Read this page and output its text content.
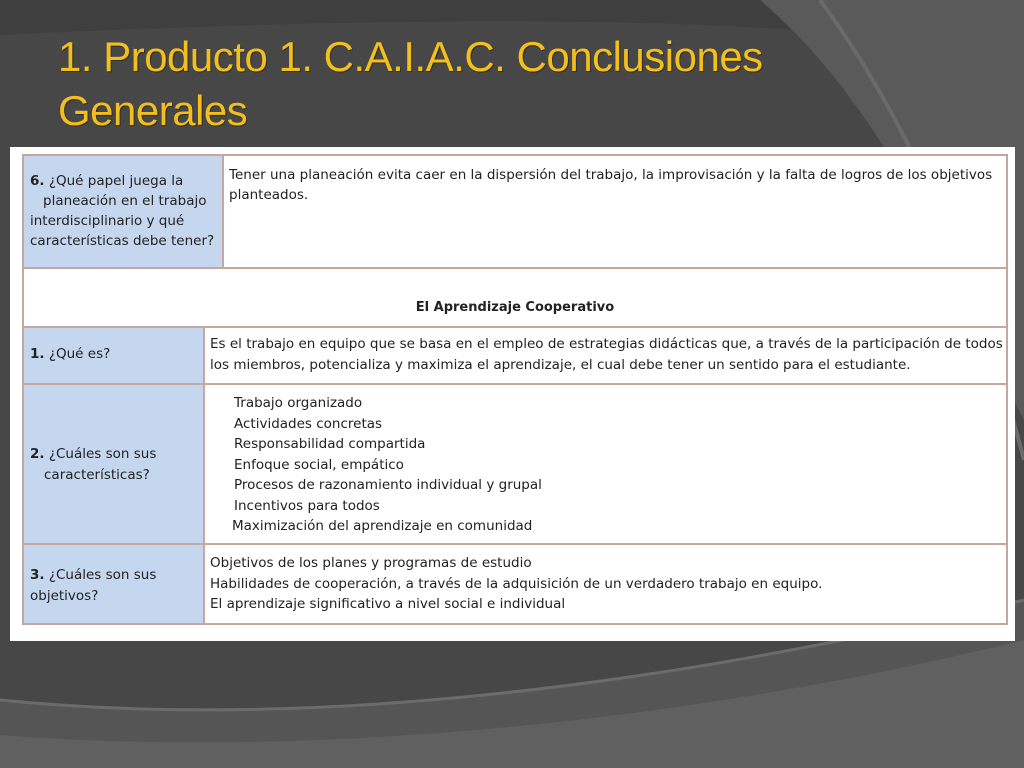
1. Producto 1. C.A.I.A.C. Conclusiones
Generales
6. ¿Qué papel juega la
planeación en el trabajo
interdisciplinario y qué
características debe tener?
Tener una planeación evita caer en la dispersión del trabajo, la improvisación y la falta de logros de los objetivos
planteados.
El Aprendizaje Cooperativo
1. ¿Qué es?
Es el trabajo en equipo que se basa en el empleo de estrategias didácticas que, a través de la participación de todos
los miembros, potencializa y maximiza el aprendizaje, el cual debe tener un sentido para el estudiante.
2. ¿Cuáles son sus
características?
Trabajo organizado
Actividades concretas
Responsabilidad compartida
Enfoque social, empático
Procesos de razonamiento individual y grupal
Incentivos para todos
Maximización del aprendizaje en comunidad
3. ¿Cuáles son sus
objetivos?
Objetivos de los planes y programas de estudio
Habilidades de cooperación, a través de la adquisición de un verdadero trabajo en equipo.
El aprendizaje significativo a nivel social e individual
